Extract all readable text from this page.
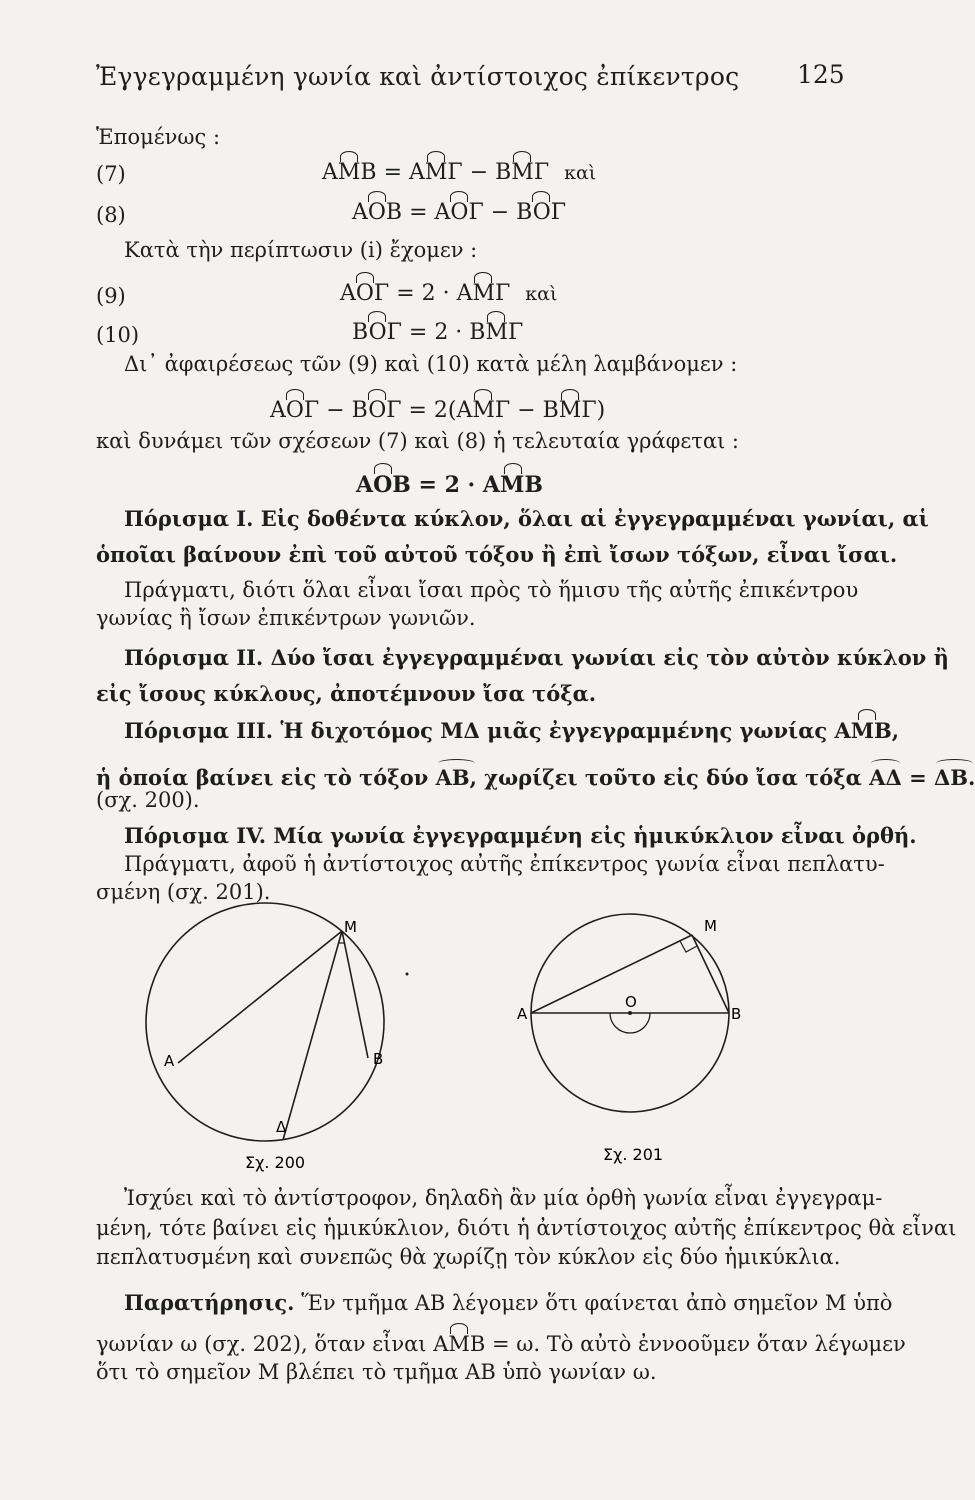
Ἐγγεγραμμένη γωνία καὶ ἀντίστοιχος ἐπίκεντρος 125
Ἑπομένως :
(7)	AMB = AMΓ − BMΓ καὶ
(8)	AOB = AOΓ − BOΓ
Κατὰ τὴν περίπτωσιν (i) ἔχομεν :
(9)	AOΓ = 2 · AMΓ καὶ
(10)	BOΓ = 2 · BMΓ
Δι᾽ ἀφαιρέσεως τῶν (9) καὶ (10) κατὰ μέλη λαμβάνομεν :
AOΓ − BOΓ = 2(AMΓ − BMΓ)
καὶ δυνάμει τῶν σχέσεων (7) καὶ (8) ἡ τελευταία γράφεται :
AOB = 2 · AMB
Πόρισμα Ι. Εἰς δοθέντα κύκλον, ὅλαι αἱ ἐγγεγραμμέναι γωνίαι, αἱ
ὁποῖαι βαίνουν ἐπὶ τοῦ αὐτοῦ τόξου ἢ ἐπὶ ἴσων τόξων, εἶναι ἴσαι.
Πράγματι, διότι ὅλαι εἶναι ἴσαι πρὸς τὸ ἥμισυ τῆς αὐτῆς ἐπικέντρου
γωνίας ἢ ἴσων ἐπικέντρων γωνιῶν.
Πόρισμα ΙΙ. Δύο ἴσαι ἐγγεγραμμέναι γωνίαι εἰς τὸν αὐτὸν κύκλον ἢ
εἰς ἴσους κύκλους, ἀποτέμνουν ἴσα τόξα.
Πόρισμα ΙΙΙ. Ἡ διχοτόμος ΜΔ μιᾶς ἐγγεγραμμένης γωνίας AMB,
ἡ ὁποία βαίνει εἰς τὸ τόξον AB, χωρίζει τοῦτο εἰς δύο ἴσα τόξα AΔ = ΔB.
(σχ. 200).
Πόρισμα ΙV. Μία γωνία ἐγγεγραμμένη εἰς ἡμικύκλιον εἶναι ὀρθή.
Πράγματι, ἀφοῦ ἡ ἀντίστοιχος αὐτῆς ἐπίκεντρος γωνία εἶναι πεπλατυ-
σμένη (σχ. 201).
M
A	B
Δ
Σχ. 200
M
A	B
O
Σχ. 201
Ἰσχύει καὶ τὸ ἀντίστροφον, δηλαδὴ ἂν μία ὀρθὴ γωνία εἶναι ἐγγεγραμ-
μένη, τότε βαίνει εἰς ἡμικύκλιον, διότι ἡ ἀντίστοιχος αὐτῆς ἐπίκεντρος θὰ εἶναι
πεπλατυσμένη καὶ συνεπῶς θὰ χωρίζῃ τὸν κύκλον εἰς δύο ἡμικύκλια.
Παρατήρησις. Ἕν τμῆμα ΑΒ λέγομεν ὅτι φαίνεται ἀπὸ σημεῖον Μ ὑπὸ
γωνίαν ω (σχ. 202), ὅταν εἶναι AMB = ω. Τὸ αὐτὸ ἐννοοῦμεν ὅταν λέγωμεν
ὅτι τὸ σημεῖον Μ βλέπει τὸ τμῆμα ΑΒ ὑπὸ γωνίαν ω.
